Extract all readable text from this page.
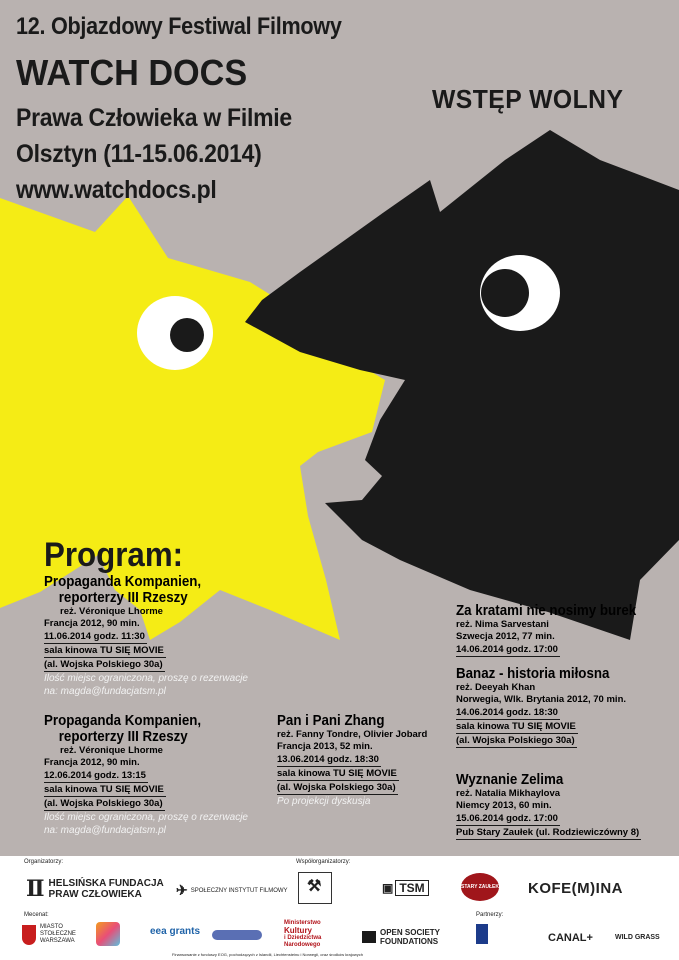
12. Objazdowy Festiwal Filmowy

WATCH DOCS

Prawa Człowieka w Filmie

Olsztyn (11-15.06.2014)

www.watchdocs.pl

WSTĘP WOLNY

Program:

Propaganda Kompanien,
reporterzy III Rzeszy
reż. Véronique Lhorme
Francja 2012, 90 min.
11.06.2014 godz. 11:30
sala kinowa TU SIĘ MOVIE
(al. Wojska Polskiego 30a)
Ilość miejsc ograniczona, proszę o rezerwacje
na: magda@fundacjatsm.pl
Propaganda Kompanien,
reporterzy III Rzeszy
reż. Véronique Lhorme
Francja 2012, 90 min.
12.06.2014 godz. 13:15
sala kinowa TU SIĘ MOVIE
(al. Wojska Polskiego 30a)
Ilość miejsc ograniczona, proszę o rezerwacje
na: magda@fundacjatsm.pl
Pan i Pani Zhang
reż. Fanny Tondre, Olivier Jobard
Francja 2013, 52 min.
13.06.2014 godz. 18:30
sala kinowa TU SIĘ MOVIE
(al. Wojska Polskiego 30a)
Po projekcji dyskusja
Za kratami nie nosimy burek
reż. Nima Sarvestani
Szwecja 2012, 77 min.
14.06.2014 godz. 17:00
Banaz - historia miłosna
reż. Deeyah Khan
Norwegia, Wlk. Brytania 2012, 70 min.
14.06.2014 godz. 18:30
sala kinowa TU SIĘ MOVIE
(al. Wojska Polskiego 30a)
Wyznanie Zelima
reż. Natalia Mikhaylova
Niemcy 2013, 60 min.
15.06.2014 godz. 17:00
Pub Stary Zaułek (ul. Rodziewiczówny 8)
Organizatorzy:	Współorganizatorzy:
Mecenat:	Partnerzy:
Ⅱ HELSIŃSKA FUNDACJA
PRAW CZŁOWIEKA	✈ SPOŁECZNY INSTYTUT FILMOWY ⚒	▣ TSM	STARY ZAUŁEK KOFE(M)INA
MIASTO STOŁECZNE WARSZAWA
eea grants
Ministerstwo
Kultury
i Dziedzictwa
Narodowego
OPEN SOCIETY
FOUNDATIONS	CANAL+	WILD GRASS
Finansowanie z funduszy EOG, pochodzących z Islandii, Liechtensteinu i Norwegii, oraz środków krajowych
